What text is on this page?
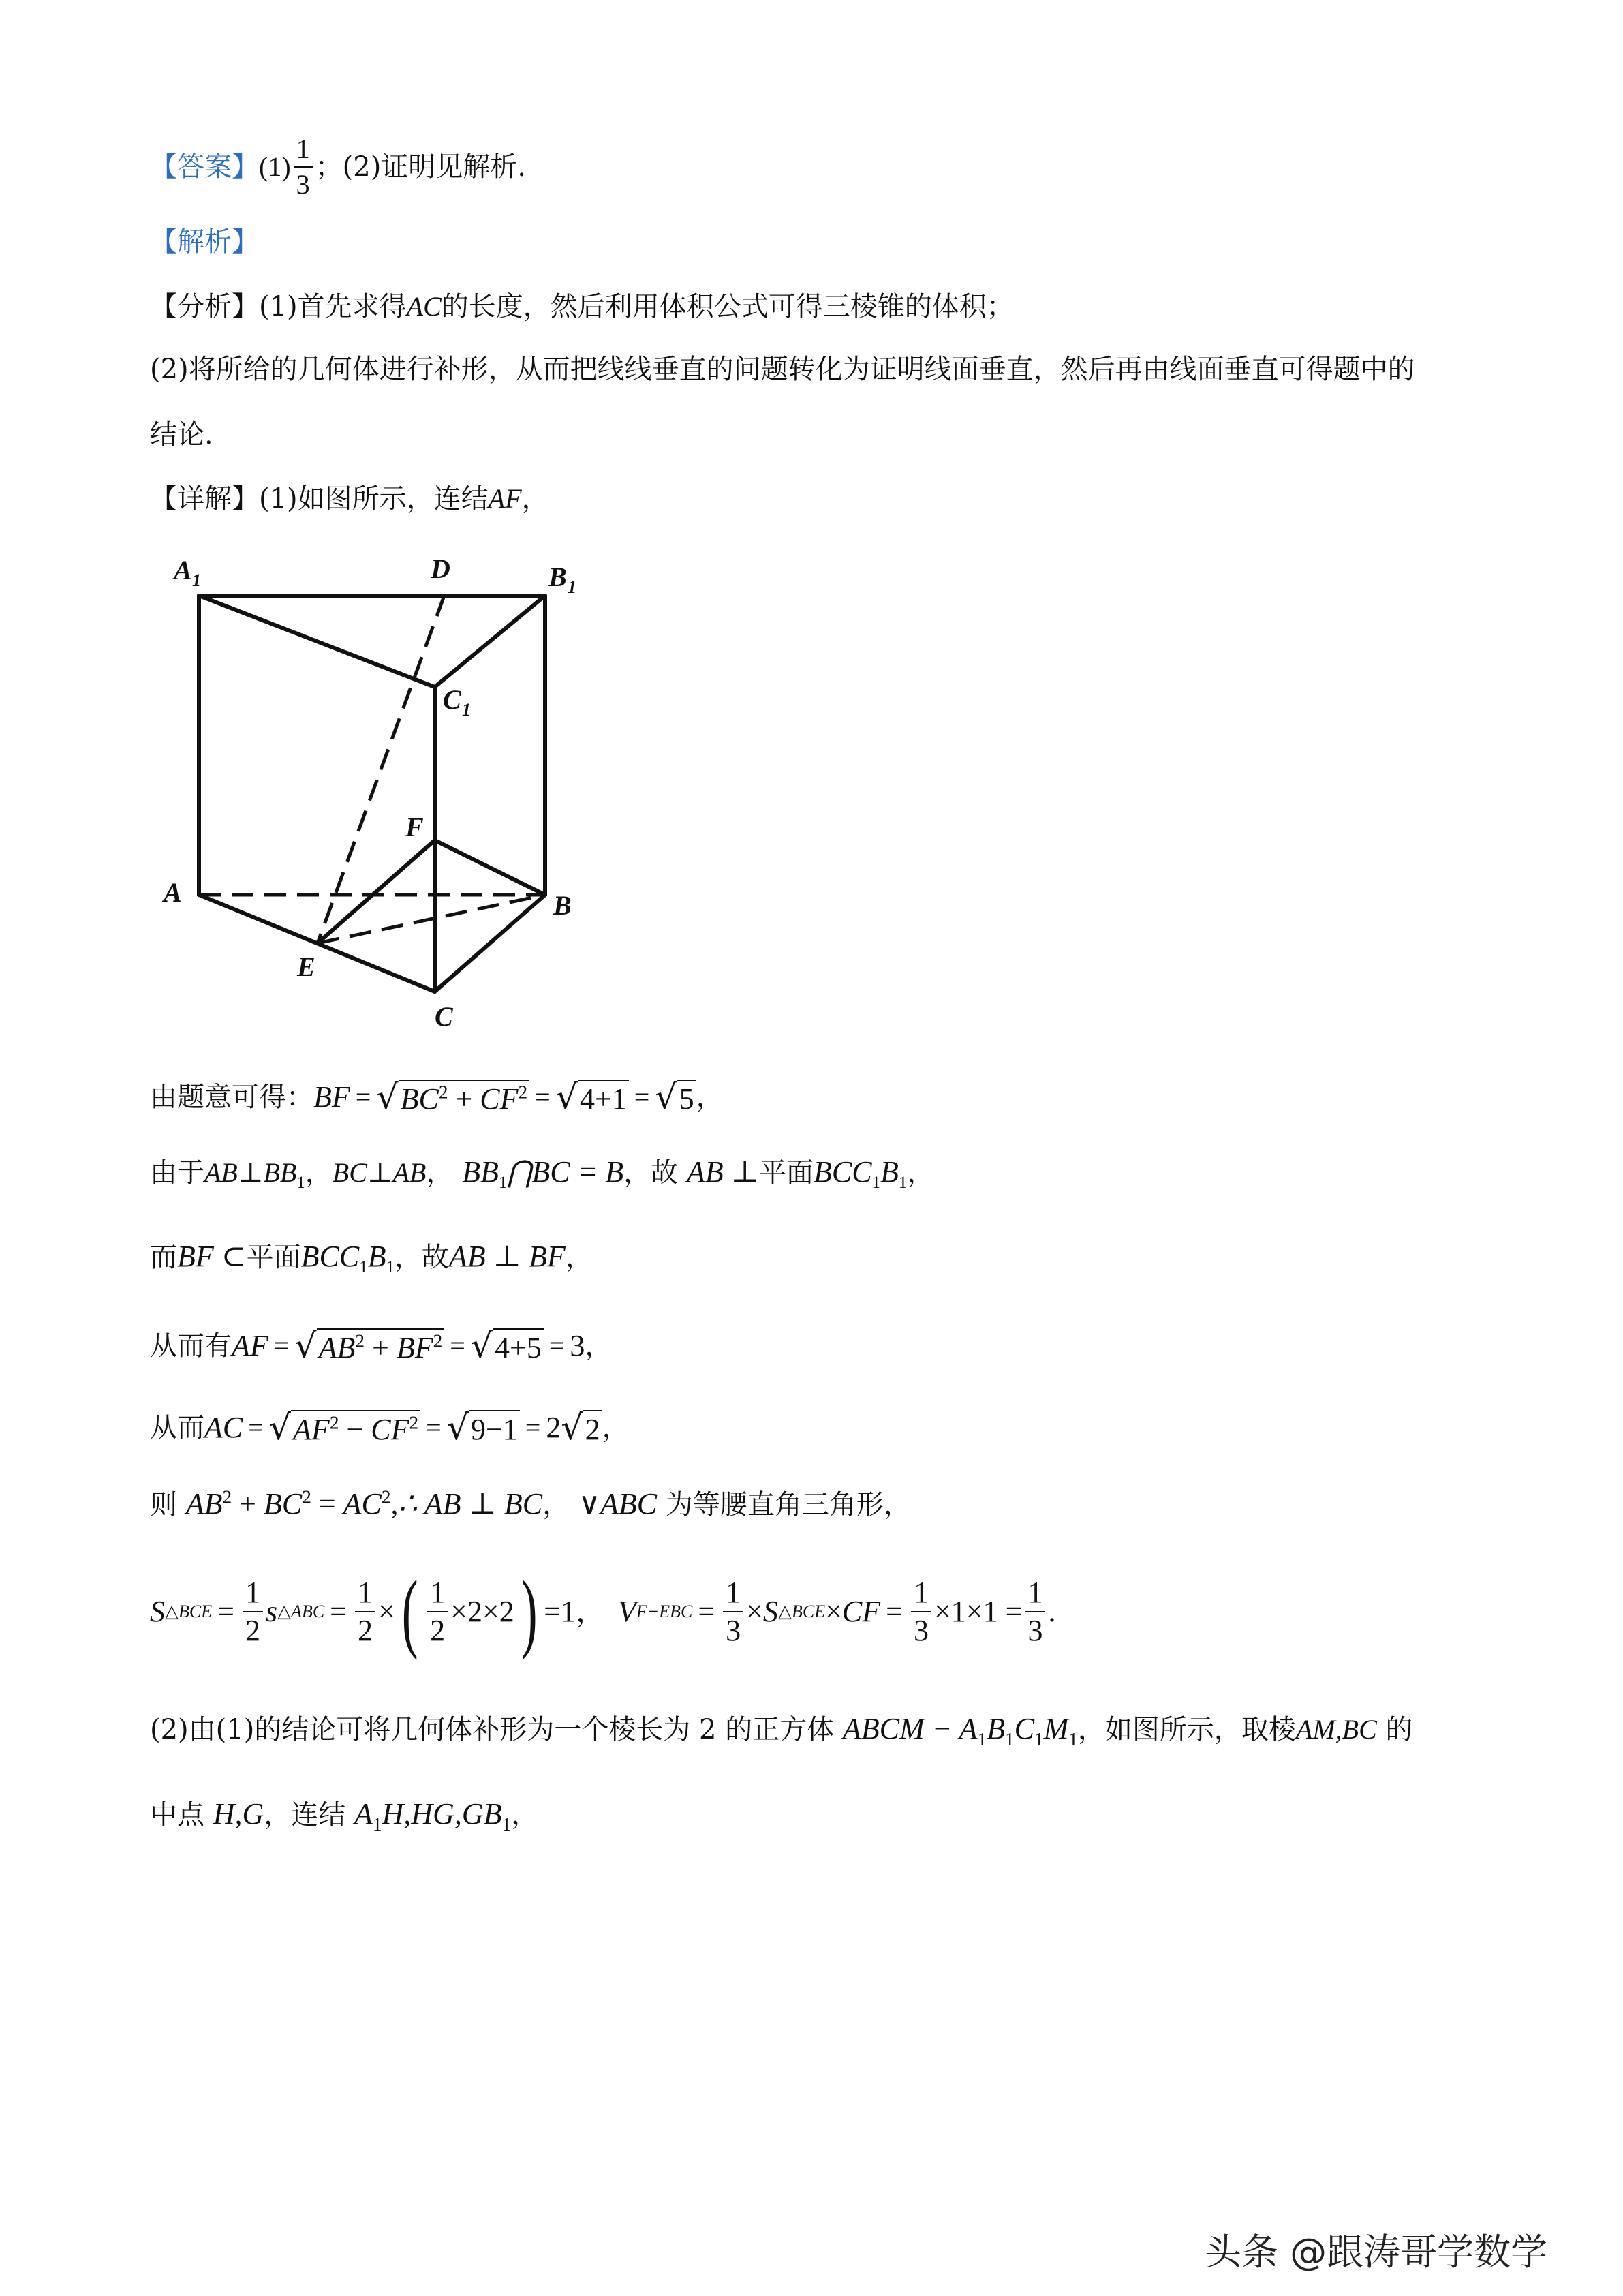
【答案】 $(1) \frac{1}{3}$ ；(2)证明见解析.
【解析】
【分析】(1)首先求得AC的长度，然后利用体积公式可得三棱锥的体积；
(2)将所给的几何体进行补形，从而把线线垂直的问题转化为证明线面垂直，然后再由线面垂直可得题中的
结论.
【详解】(1)如图所示，连结AF，
A 1	D	B 1
C 1
F
A	B
E
C
由题意可得： BF = $√BC^2 + CF^2 = √4+1 = √5$ ，
由于$AB\perp BB_1$，BC⊥AB， $BB_1⋂BC = B$，故 AB ⊥平面$BCC_1B_1$，
而BF ⊂平面$BCC_1B_1$，故AB ⊥ BF，
从而有 AF = $√AB^2 + BF^2 = √4+5 = 3$ ，
从而 AC = $√AF^2 - CF^2 = √9-1 = 2$ √2 ，
则 $AB^2 + BC^2$ = $AC^2,\therefore$ AB ⊥ BC， ∨ABC 为等腰直角三角形，
S △BCE = $\frac{1}{2}$ s △ABC = $\frac{1}{2}$ × ( $\frac{1}{2} \times 2\times 2$ ) =1 ， V $F-EBC = \frac{1}{3} \times S$ △BCE × CF = $\frac{1}{3} \times 1\times 1 = \frac{1}{3}$ .
(2)由(1)的结论可将几何体补形为一个棱长为 2 的正方体 ABCM − $A_1B_1C_1M_1$，如图所示，取棱AM,BC 的
中点 H,G，连结 $A_1H,HG,GB_1$，
头条 @跟涛哥学数学
